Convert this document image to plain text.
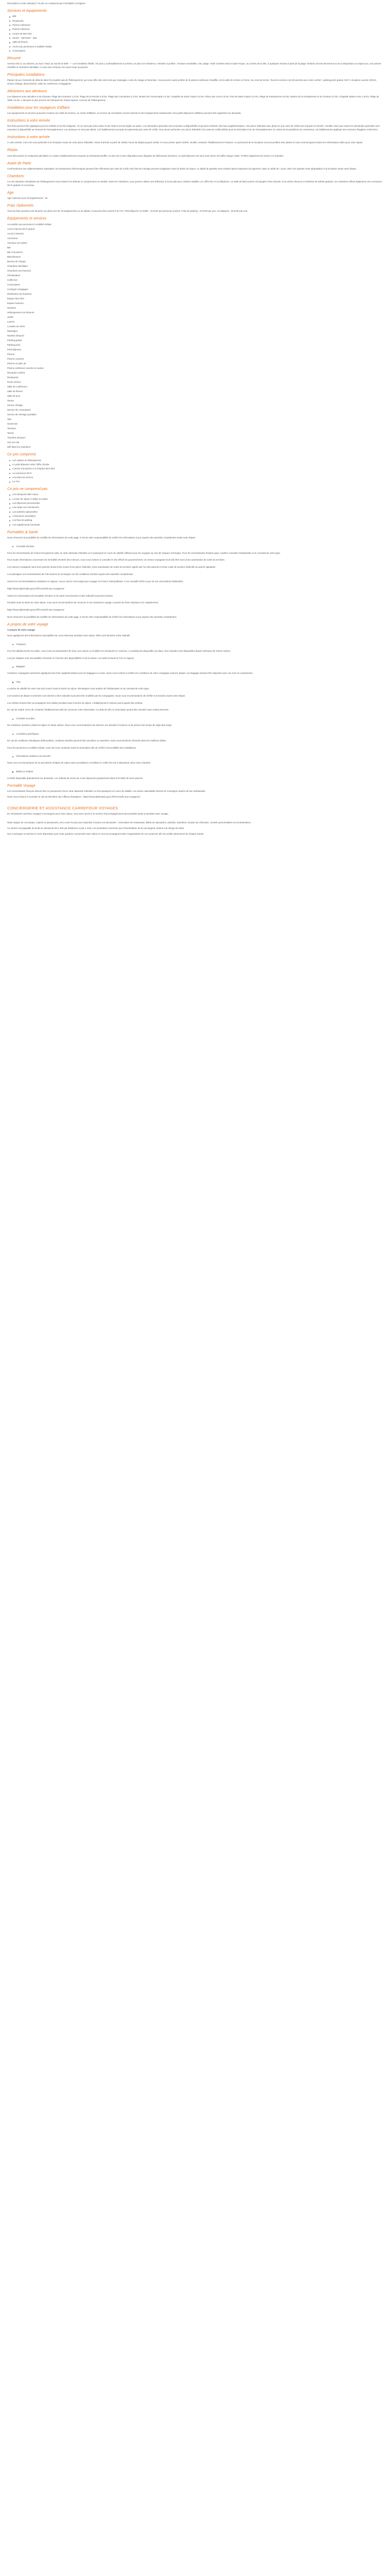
Description à cette rubrique] / Ce prix ne comprend pas Formalités Consignes

Services et équipements
Wifi
Restaurant
Piscine extérieure
Piscine intérieure
Centre de bien-être
Sauna - Hammam - Spa
Salle de fitness
Accès aux personnes à mobilité réduite
Conciergerie
Résumé

Amenez-les ici, au clément, au Sud / Nord, au sud de la belle  — Les formalités d'hôtel. On peut y confortablement le présent, en plus à le résidence, n'hésitez à profiter : terrasse ensoleillée, mer, plage. Hôtel 3 étoiles situé à Saint-Tropez, au Centre de la ville, à quelques minutes à pied de la plage. Enfants sont les bienvenus et ont à disposition un espace jeu, une piscine chauffée et chambres familiales. Le bar avec terrasse est ouvert toute la journée.

Principales installations

Passez de pur moments de détente dans l'incroyable spa de l'hébergement, qui vous offre des soins tels que massages, soins du visage et hammam. Vous pourrez aussi profiter de la piscine extérieure chauffée, de la salle de remise en forme, du court de tennis. Tous les services ont été pensés pour votre confort : parking privé gratuit, Wi-Fi, réception ouverte 24h/24, service d'étage, blanchisserie, salle de conférence et bagagerie.

Attractions aux alentours

Les distances sont calculées à vol d'oiseau. Plage des Graniers 1,2 km, Plage de la Ponche 0,6 km, Plage des Canoubiers 2,3 km, Musée de l'Annonciade 0,4 km, Citadelle de Saint-Tropez 0,5 km, Place des Lices 0,3 km, Port de Saint-Tropez 0,4 km, Plage de Pampelonne 5,5 km, Musée de la Gendarmerie et du Cinéma 0,2 km, Chapelle Sainte-Anne 1,8 km, Plage de Tahiti 4,8 km. L'aéroport le plus proche est l'aéroport de Toulon-Hyères, à 54 km de l'hébergement.

Installation pour les voyageurs d'affaire

Les équipements et services proposés incluent une salle de réunion, un centre d'affaires, un service de secrétariat, l'accès Internet et des équipements audiovisuels. Des petits-déjeuners d'affaires peuvent être organisés sur demande.

Instructions à votre Arrivée

Des frais peuvent être appliqués pour les enfants et les lits d'appoint ; ils ne sont pas inclus dans le prix total et seront réglés sur place. Les demandes spéciales sont soumises à disponibilité et peuvent entraîner des frais supplémentaires. Une pièce d'identité avec photo et une carte de crédit sont requises à l'arrivée. Veuillez noter que toutes les demandes spéciales sont soumises à disponibilité au moment de l'enregistrement. Les animaux ne sont pas admis. Cet établissement accepte les paiements par carte de crédit. Vous devez présenter une pièce d'identité et la carte de crédit utilisée pour la réservation lors de l'enregistrement. En raison de la pandémie de coronavirus, cet établissement applique des mesures d'hygiène renforcées.

Instructions à votre arrivée

À votre arrivée, merci de vous présenter à la réception munis de votre pièce d'identité. Heure d'arrivée à partir de 15h00, heure de départ jusqu'à 11h00. Si vous arrivez après 21h00, veuillez contacter l'établissement à l'avance. Le personnel de la réception vous accueillera avec plaisir et vous communiquera toutes les informations utiles pour votre séjour.

Repas

Vous découvrirez le restaurant spécialisé en cuisine méditerranéenne proposé au Restaurant Buffet. Un bar est à votre disposition pour déguster de délicieuses boissons. Le petit-déjeuner est servi sous forme de buffet chaque matin. Profitez également du service en chambre.

Avant de Partir

Conformément aux réglementations nationales, les transactions électroniques peuvent être effectuées par carte de crédit. Des frais de ménage peuvent s'appliquer selon la durée du séjour. Le dépôt de garantie sera restitué après inspection du logement, dans un délai de 7 jours. Merci de signaler toute dégradation à la réception avant votre départ.

Chambres

Les 29 chambres climatisées de l'hébergement vous invitent à la détente et comprennent un minibar. Dans les chambres, vous pourrez utiliser une télévision à écran plat avec chaînes satellite, un coffre-fort et un téléphone. La salle de bains privée est équipée d'une douche, d'un sèche-cheveux et d'articles de toilette gratuits. Les chambres offrent également une connexion Wi-Fi gratuite et un bureau.

Age

Age minimum pour l'enregistrement : 18

Frais Optionnels

Tous les frais suivants sont facturés sur place lors de l'enregistrement ou du départ, et peuvent être soumis à la TVA. Petit-déjeuner en buffet : 15 EUR par personne environ. Frais de parking : 10 EUR par jour. Lit d'appoint : 25 EUR par nuit.

Equipements et services
Accessible aux personnes à mobilité réduite
Accès Internet Wi-Fi gratuit
Accès à Internet
Ascenseur
Animaux non admis
Bar
Bar à la piscine
Blanchisserie
Bureau de change
Chambres familiales
Chambres non-fumeurs
Climatisation
Coffre-fort
Conciergerie
Consigne à bagages
Distributeur de boissons
Espace bien-être
Espace fumeurs
Garderie
Hébergement non-fumeurs
Jardin
Laverie
Location de vélos
Massages
Navette aéroport
Parking gratuit
Parking privé
Petit-déjeuner
Piscine
Piscine couverte
Piscine en plein air
Piscine extérieure ouverte en saison
Réception 24h/24
Restaurant
Room service
Salle de conférence
Salle de fitness
Salle de jeux
Sauna
Service d'étage
Service de conciergerie
Service de ménage quotidien
Spa
Snack-bar
Terrasse
Tennis
Transfert aéroport
Vue sur mer
Wifi dans les chambres
Ce prix comprend
Les nuitées en hébergement
Le petit-déjeuner selon l'offre choisie
L'accès à la piscine et à l'espace bien-être
La connexion Wi-Fi
Les taxes de service
La TVA
Ce prix ne comprend pas
Les transports aller-retour
La taxe de séjour à régler sur place
Les dépenses personnelles
Les repas non mentionnés
Les activités optionnelles
L'assurance annulation
Les frais de parking
Les suppléments éventuels
Formalités & Santé

Nous réservons la possibilité de modifier les informations de cette page. Il est de votre responsabilité de vérifier les informations à jour auprès des autorités compétentes avant votre départ.

Formalité d'entrée

Pour les ressortissants de l'Union Européenne (UE), la carte nationale d'identité ou le passeport en cours de validité suffisent pour les voyages au sein de l'espace Schengen. Pour les ressortissants d'autres pays, veuillez consulter l'ambassade ou le consulat de votre pays.

Pour toutes informations concernant les formalités d'entrée des mineurs, nous vous invitons à consulter le site officiel du gouvernement. Un mineur voyageant seul doit être muni d'une autorisation de sortie du territoire.

Les mineurs voyageant sans leurs parents doivent être munis d'une pièce d'identité, d'une autorisation de sortie du territoire signée par l'un des parents et d'une copie de la pièce d'identité du parent signataire.

Les passagers non-ressortissants de l'UE doivent se renseigner sur les conditions d'entrée auprès des autorités compétentes.

Suivez les recommandations sanitaires en vigueur. Aucun vaccin n'est exigé pour voyager en France métropolitaine. Il est conseillé d'être à jour de ses vaccinations habituelles.

https://www.diplomatie.gouv.fr/fr/conseils-aux-voyageurs/

Toutes les informations de formalités d'entrée et de santé sont données à titre indicatif et peuvent évoluer.

Pendant toute la durée de votre séjour, nous vous recommandons de souscrire à une assurance voyage couvrant les frais médicaux et le rapatriement.

https://www.diplomatie.gouv.fr/fr/conseils-aux-voyageurs/

Nous réservons la possibilité de modifier les informations de cette page. Il est de votre responsabilité de vérifier les informations à jour auprès des autorités compétentes.

A propos de votre voyage

A propos de votre voyage

Nous appliquons des informations susceptibles de vous intéresser pendant votre séjour. Elles sont données à titre indicatif.

Transport

Pour les déplacements sur place, nous vous recommandons de louer une voiture ou d'utiliser les transports en commun. Le parking est disponible sur place. Des navettes sont disponibles depuis l'aéroport de Toulon-Hyères.

Les prix indiqués sont susceptibles d'évoluer en fonction des disponibilités et de la saison. Les tarifs incluent la TVA en vigueur.

Bagages

Certaines compagnies aériennes appliquent des frais supplémentaires pour les bagages en soute. Nous vous invitons à vérifier les conditions de votre compagnie avant le départ. Les bagages doivent être étiquetés avec vos nom et coordonnées.

Visa

La durée de validité de votre visa doit couvrir toute la durée du séjour. Renseignez-vous auprès de l'ambassade ou du consulat de votre pays.

Les horaires de départ et d'arrivée sont donnés à titre indicatif et peuvent être modifiés par les compagnies. Nous vous recommandons de vérifier vos horaires avant votre départ.

Les enfants doivent être accompagnés d'un adulte pendant toute la durée du séjour. L'établissement n'assure pas la garde des enfants.

En cas de retard, merci de contacter l'établissement afin de conserver votre réservation. Au-delà de 24h, la réservation pourra être annulée sans remboursement.

Conduite sur place

De nombreux touristes visitent la région en haute saison. Nous vous recommandons de réserver vos activités à l'avance et de prévoir des temps de trajet plus longs.

Conditions spécifiques

En cas de conditions climatiques défavorables, certaines activités peuvent être annulées ou reportées. Nous vous tiendrons informés dans les meilleurs délais.

Pour les personnes à mobilité réduite, merci de nous contacter avant la réservation afin de vérifier l'accessibilité des installations.

Informations relatives à la sécurité

Nous vous recommandons de ne pas laisser d'objets de valeur sans surveillance et d'utiliser le coffre-fort mis à disposition dans votre chambre.

Bébés et enfants

Lit bébé disponible gratuitement sur demande. Les enfants de moins de 2 ans séjournent gratuitement dans le lit bébé de leurs parents.

Formalité Voyage

Les ressortissants français doivent être en possession d'une carte nationale d'identité ou d'un passeport en cours de validité. Les autres nationalités doivent se renseigner auprès de leur ambassade.

Nous vous invitons à consulter le site du Ministère des Affaires étrangères : https://www.diplomatie.gouv.fr/fr/conseils-aux-voyageurs/

CONCIERGERIE ET ASSISTANCE CARREFOUR VOYAGES

En choisissant Carrefour Voyages Conciergerie pour votre séjour, vous avez accès à un service d'accompagnement personnalisé avant et pendant votre voyage.

Notre équipe de concierges, experts et passionnés, est à votre écoute pour répondre à toutes vos demandes : réservation de restaurants, billets de spectacles, activités, transferts, location de véhicules, conseils personnalisés sur la destination...

Ce service est joignable du lundi au samedi de 9h à 20h par téléphone et par e-mail. Les prestations réservées par l'intermédiaire de la conciergerie restent à la charge du client.

Nos concierges se tiennent à votre disposition pour toute question concernant votre séjour et vous accompagnent dans l'organisation de vos vacances afin de profiter pleinement de chaque instant.
